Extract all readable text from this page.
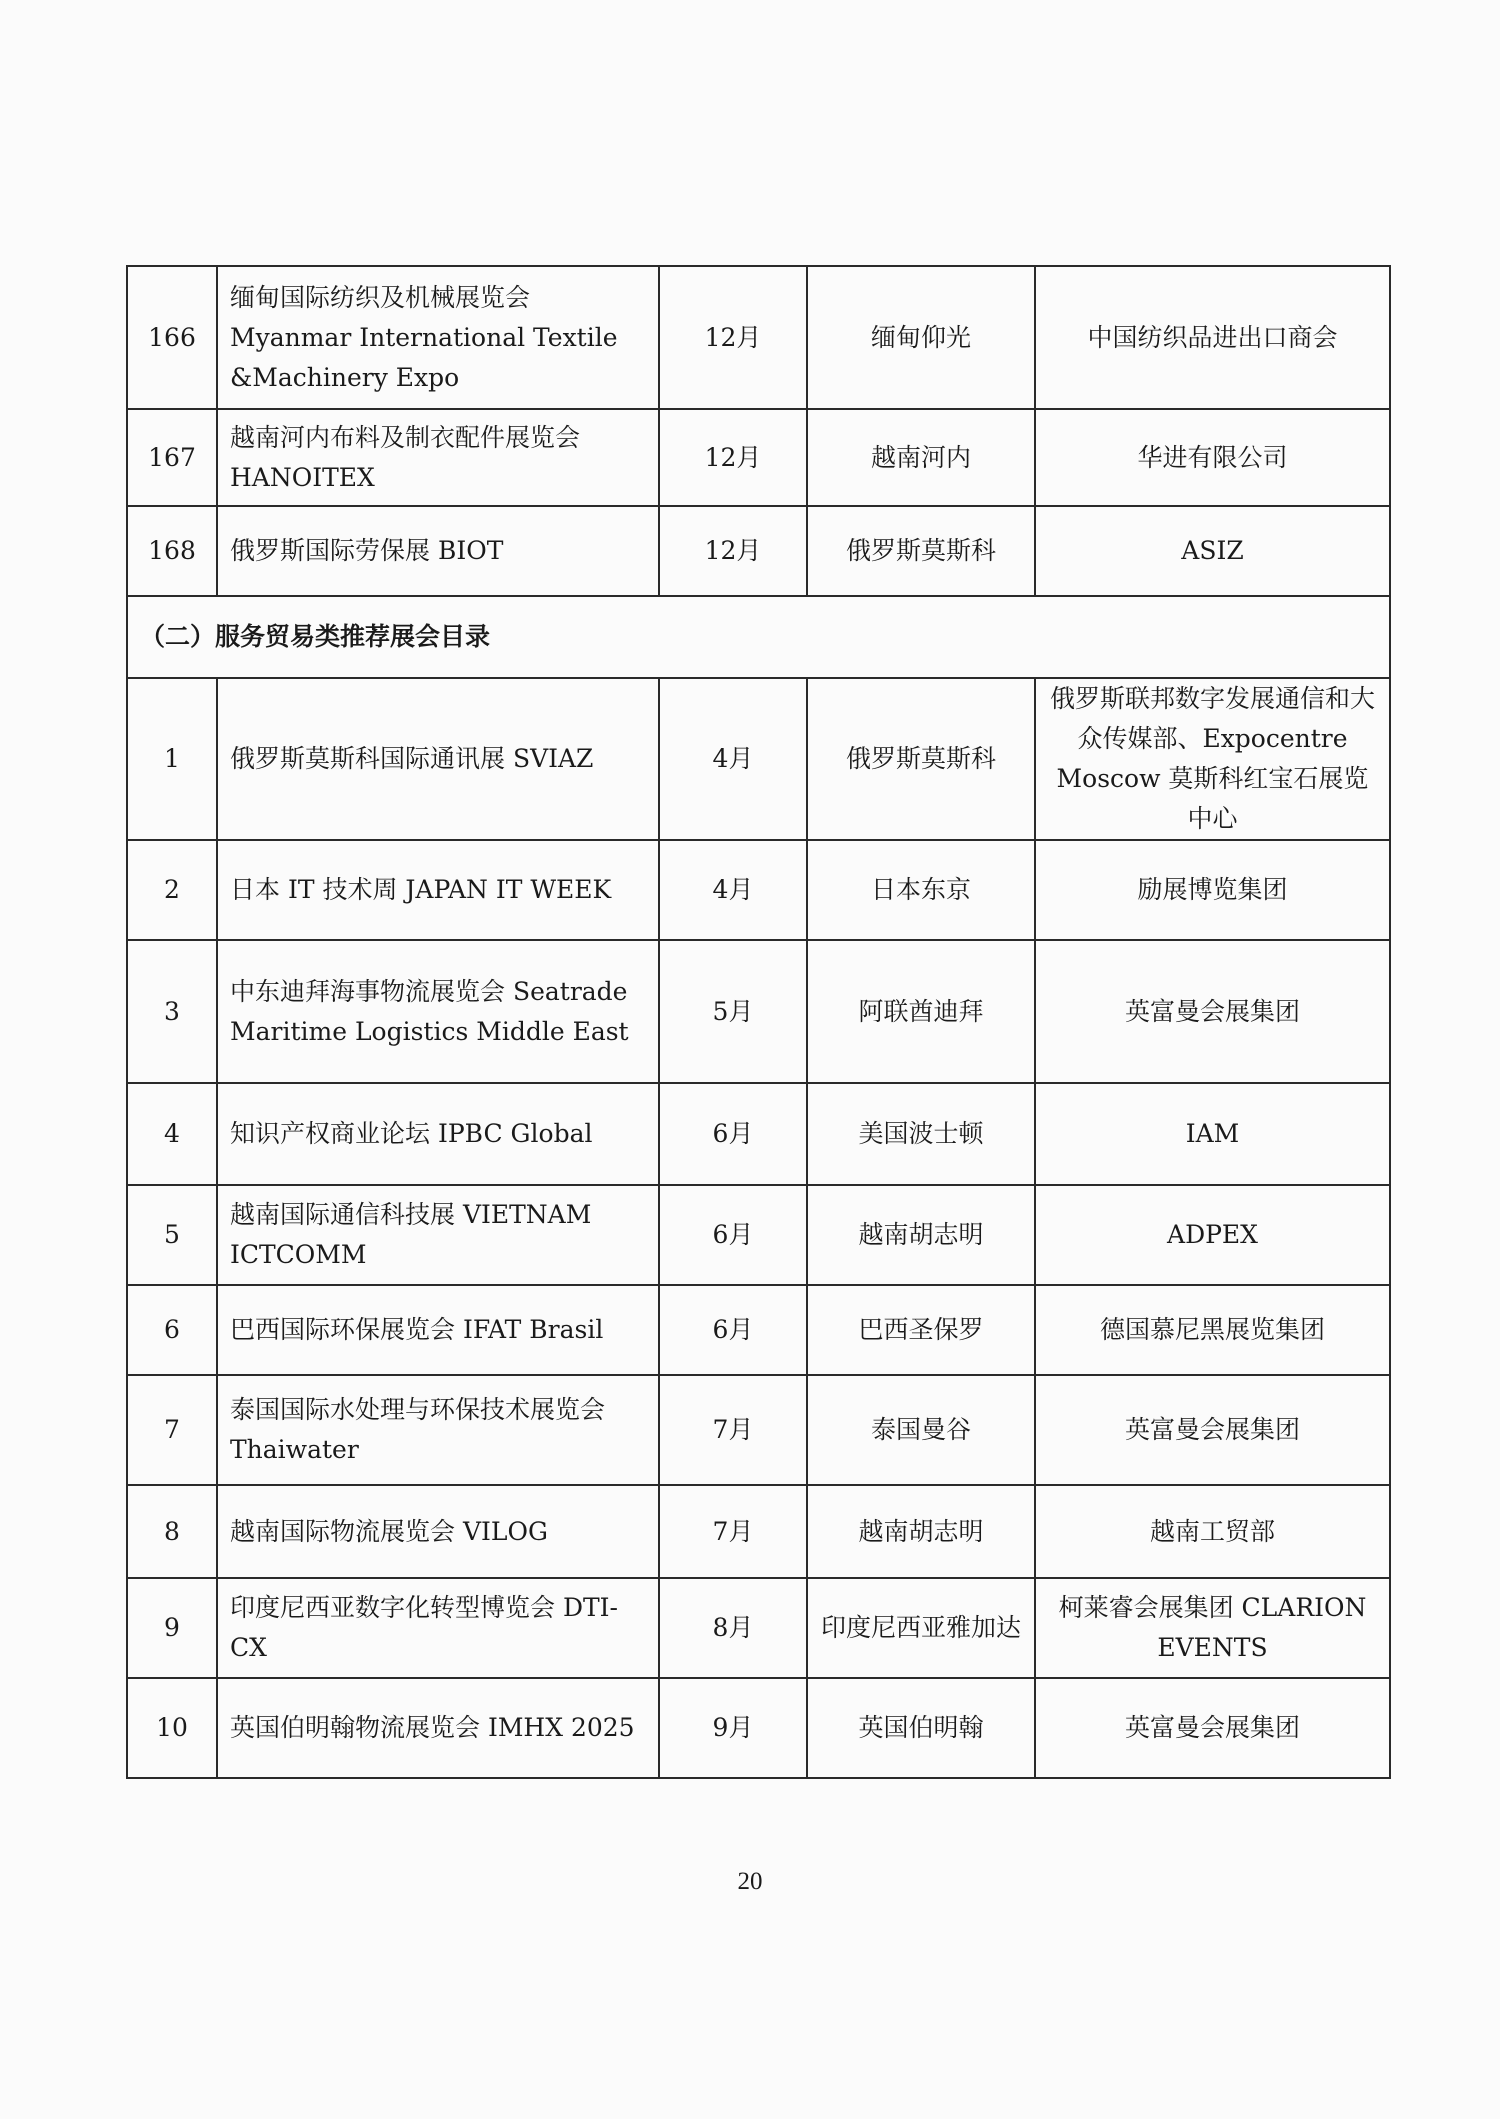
166	缅甸国际纺织及机械展览会 Myanmar International Textile &Machinery Expo	12月	缅甸仰光	中国纺织品进出口商会
167	越南河内布料及制衣配件展览会 HANOITEX	12月	越南河内	华进有限公司
168	俄罗斯国际劳保展 BIOT	12月	俄罗斯莫斯科	ASIZ
（二）服务贸易类推荐展会目录				
1	俄罗斯莫斯科国际通讯展 SVIAZ	4月	俄罗斯莫斯科	俄罗斯联邦数字发展通信和大众传媒部、Expocentre Moscow 莫斯科红宝石展览中心
2	日本 IT 技术周 JAPAN IT WEEK	4月	日本东京	励展博览集团
3	中东迪拜海事物流展览会 Seatrade Maritime Logistics Middle East	5月	阿联酋迪拜	英富曼会展集团
4	知识产权商业论坛 IPBC Global	6月	美国波士顿	IAM
5	越南国际通信科技展 VIETNAM ICTCOMM	6月	越南胡志明	ADPEX
6	巴西国际环保展览会 IFAT Brasil	6月	巴西圣保罗	德国慕尼黑展览集团
7	泰国国际水处理与环保技术展览会 Thaiwater	7月	泰国曼谷	英富曼会展集团
8	越南国际物流展览会 VILOG	7月	越南胡志明	越南工贸部
9	印度尼西亚数字化转型博览会 DTI-CX	8月	印度尼西亚雅加达	柯莱睿会展集团 CLARION EVENTS
10	英国伯明翰物流展览会 IMHX 2025	9月	英国伯明翰	英富曼会展集团
20
